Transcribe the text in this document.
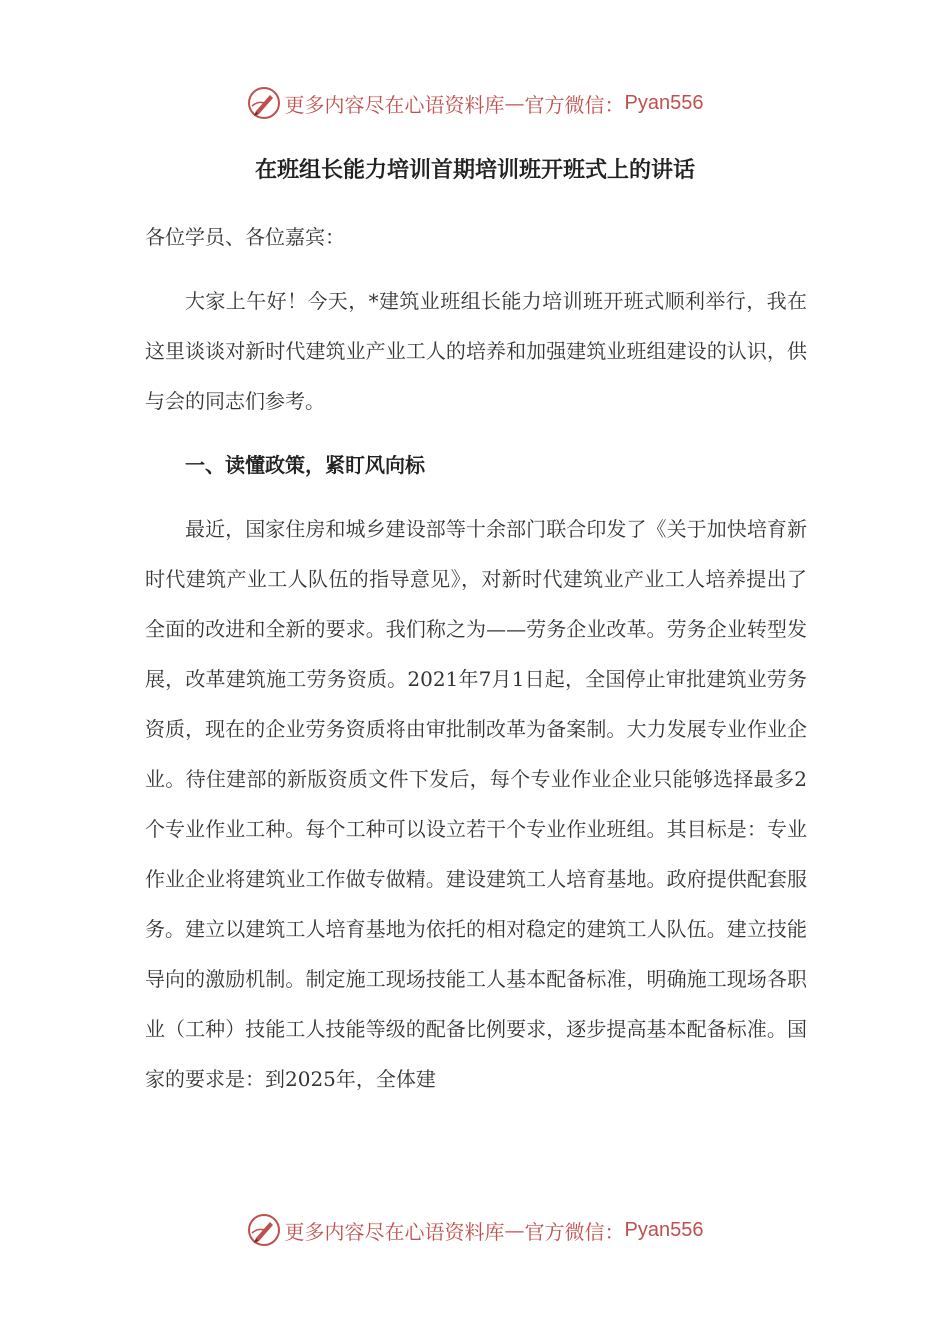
更多内容尽在心语资料库 — 官方微信： Pyan556
在班组长能力培训首期培训班开班式上的讲话

各位学员、各位嘉宾：

大家上午好！今天，*建筑业班组长能力培训班开班式顺利举行，我在这里谈谈对新时代建筑业产业工人的培养和加强建筑业班组建设的认识，供与会的同志们参考。

一、读懂政策，紧盯风向标

最近，国家住房和城乡建设部等十余部门联合印发了《关于加快培育新时代建筑产业工人队伍的指导意见》，对新时代建筑业产业工人培养提出了全面的改进和全新的要求。我们称之为——劳务企业改革。劳务企业转型发展，改革建筑施工劳务资质。2021年7月1日起，全国停止审批建筑业劳务资质，现在的企业劳务资质将由审批制改革为备案制。大力发展专业作业企业。待住建部的新版资质文件下发后，每个专业作业企业只能够选择最多2个专业作业工种。每个工种可以设立若干个专业作业班组。其目标是：专业作业企业将建筑业工作做专做精。建设建筑工人培育基地。政府提供配套服务。建立以建筑工人培育基地为依托的相对稳定的建筑工人队伍。建立技能导向的激励机制。制定施工现场技能工人基本配备标准，明确施工现场各职业（工种）技能工人技能等级的配备比例要求，逐步提高基本配备标准。国家的要求是：到2025年，全体建

更多内容尽在心语资料库 — 官方微信： Pyan556
